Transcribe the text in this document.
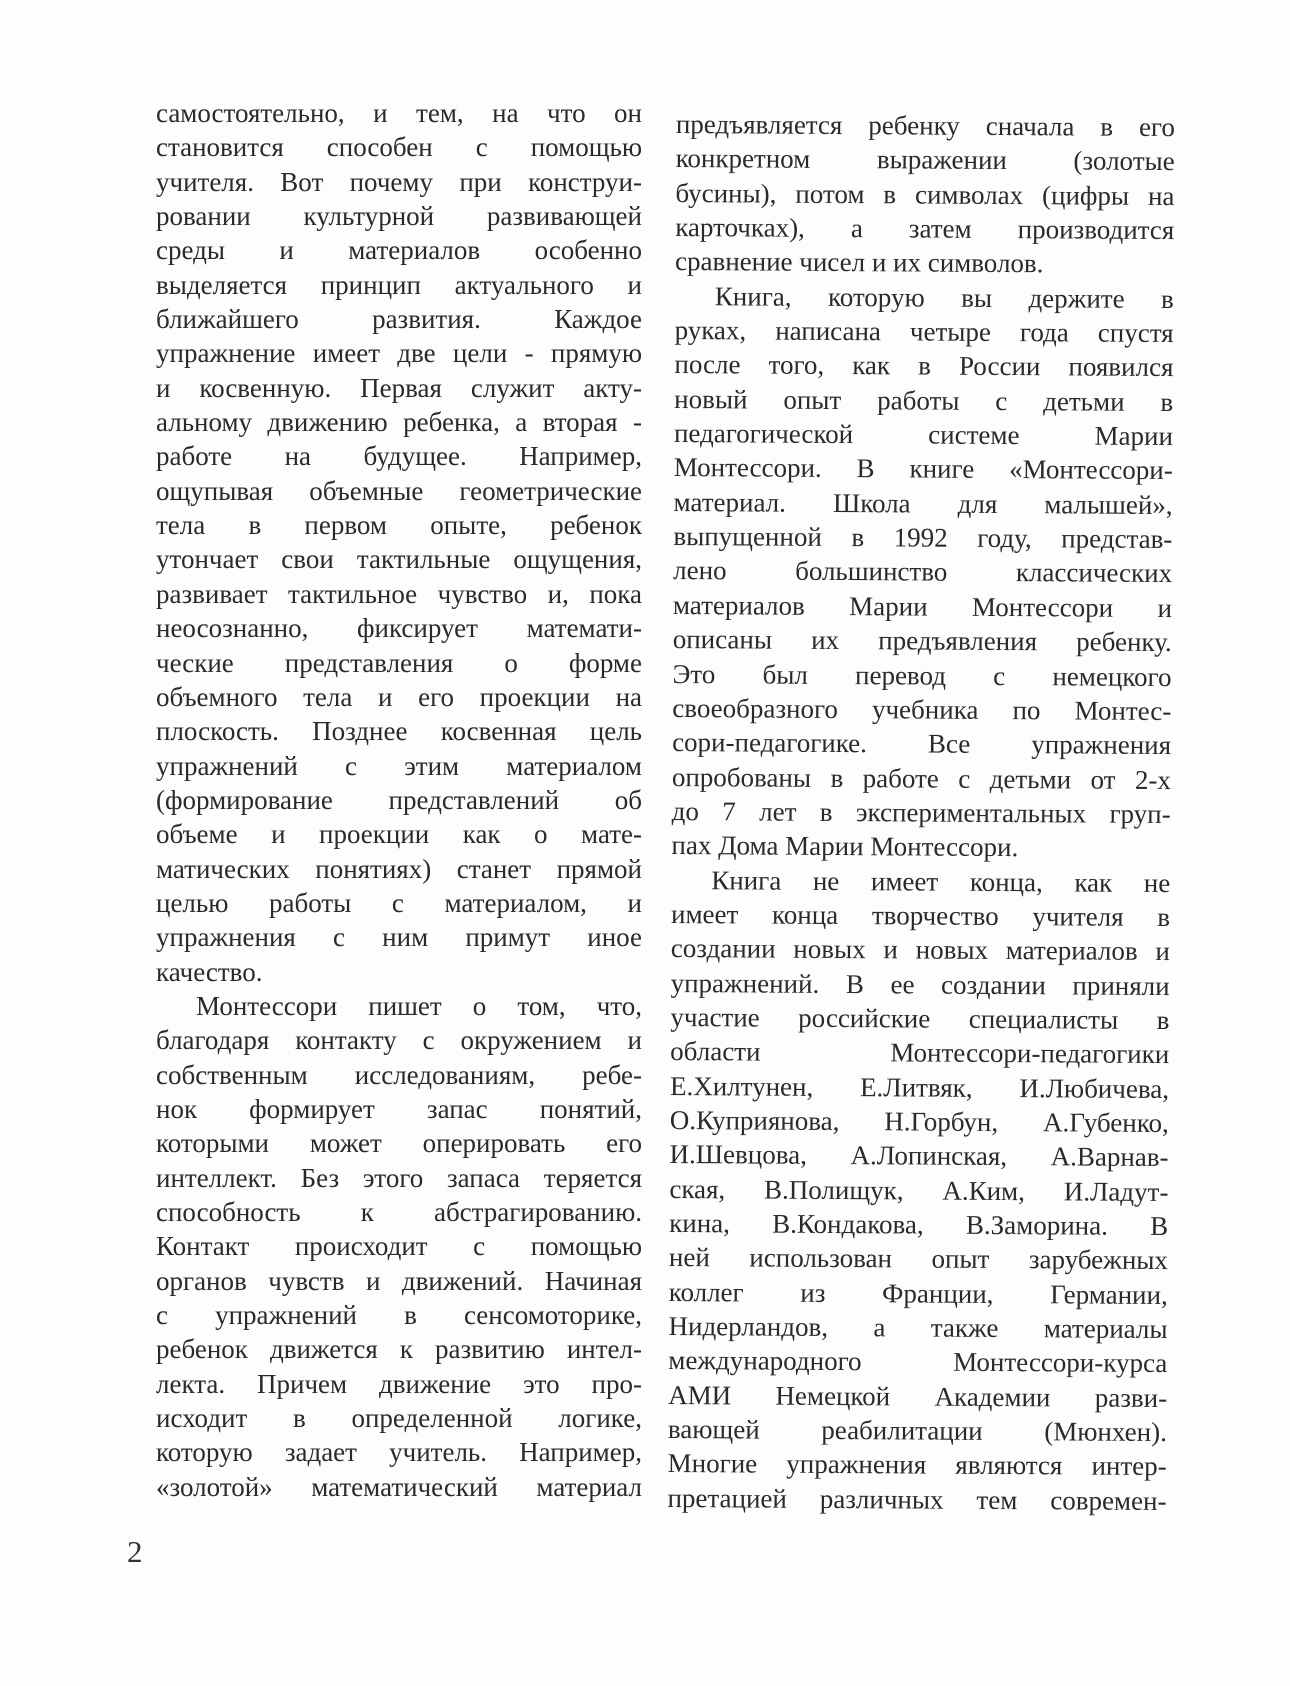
самостоятельно, и тем, на что он
становится способен с помощью
учителя. Вот почему при конструи-
ровании культурной развивающей
среды и материалов особенно
выделяется принцип актуального и
ближайшего развития. Каждое
упражнение имеет две цели - прямую
и косвенную. Первая служит акту-
альному движению ребенка, а вторая -
работе на будущее. Например,
ощупывая объемные геометрические
тела в первом опыте, ребенок
утончает свои тактильные ощущения,
развивает тактильное чувство и, пока
неосознанно, фиксирует математи-
ческие представления о форме
объемного тела и его проекции на
плоскость. Позднее косвенная цель
упражнений с этим материалом
(формирование представлений об
объеме и проекции как о мате-
матических понятиях) станет прямой
целью работы с материалом, и
упражнения с ним примут иное
качество.
Монтессори пишет о том, что,
благодаря контакту с окружением и
собственным исследованиям, ребе-
нок формирует запас понятий,
которыми может оперировать его
интеллект. Без этого запаса теряется
способность к абстрагированию.
Контакт происходит с помощью
органов чувств и движений. Начиная
с упражнений в сенсомоторике,
ребенок движется к развитию интел-
лекта. Причем движение это про-
исходит в определенной логике,
которую задает учитель. Например,
«золотой» математический материал
предъявляется ребенку сначала в его
конкретном выражении (золотые
бусины), потом в символах (цифры на
карточках), а затем производится
сравнение чисел и их символов.
Книга, которую вы держите в
руках, написана четыре года спустя
после того, как в России появился
новый опыт работы с детьми в
педагогической системе Марии
Монтессори. В книге «Монтессори-
материал. Школа для малышей»,
выпущенной в 1992 году, представ-
лено большинство классических
материалов Марии Монтессори и
описаны их предъявления ребенку.
Это был перевод с немецкого
своеобразного учебника по Монтес-
сори-педагогике. Все упражнения
опробованы в работе с детьми от 2-х
до 7 лет в экспериментальных груп-
пах Дома Марии Монтессори.
Книга не имеет конца, как не
имеет конца творчество учителя в
создании новых и новых материалов и
упражнений. В ее создании приняли
участие российские специалисты в
области Монтессори-педагогики
Е.Хилтунен, Е.Литвяк, И.Любичева,
О.Куприянова, Н.Горбун, А.Губенко,
И.Шевцова, А.Лопинская, А.Варнав-
ская, В.Полищук, А.Ким, И.Ладут-
кина, В.Кондакова, В.Заморина. В
ней использован опыт зарубежных
коллег из Франции, Германии,
Нидерландов, а также материалы
международного Монтессори-курса
АМИ Немецкой Академии разви-
вающей реабилитации (Мюнхен).
Многие упражнения являются интер-
претацией различных тем современ-
2
